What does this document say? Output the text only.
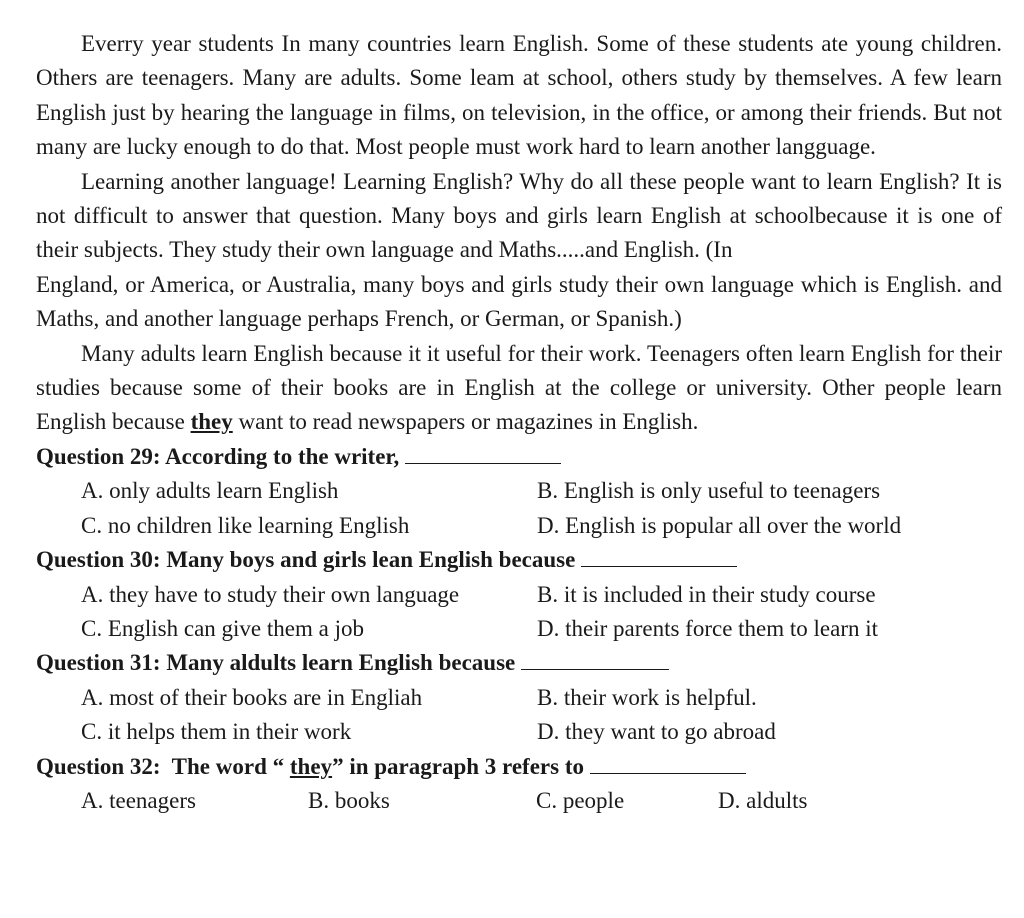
Everry year students In many countries learn English. Some of these students ate young children. Others are teenagers. Many are adults. Some leam at school, others study by themselves. A few learn English just by hearing the language in films, on television, in the office, or among their friends. But not many are lucky enough to do that. Most people must work hard to learn another langguage.

Learning another language! Learning English? Why do all these people want to learn English? It is not difficult to answer that question. Many boys and girls learn English at schoolbecause it is one of their subjects. They study their own language and Maths.....and English. (In

England, or America, or Australia, many boys and girls study their own language which is English. and Maths, and another language perhaps French, or German, or Spanish.)

Many adults learn English because it it useful for their work. Teenagers often learn English for their studies because some of their books are in English at the college or university. Other people learn English because they want to read newspapers or magazines in English.

Question 29: According to the writer,

A. only adults learn English	B. English is only useful to teenagers
C. no children like learning English	D. English is popular all over the world

Question 30: Many boys and girls lean English because

A. they have to study their own language	B. it is included in their study course
C. English can give them a job	D. their parents force them to learn it

Question 31: Many aldults learn English because

A. most of their books are in Engliah	B. their work is helpful.
C. it helps them in their work	D. they want to go abroad

Question 32:  The word “ they” in paragraph 3 refers to

A. teenagers	B. books	C. people	D. aldults
